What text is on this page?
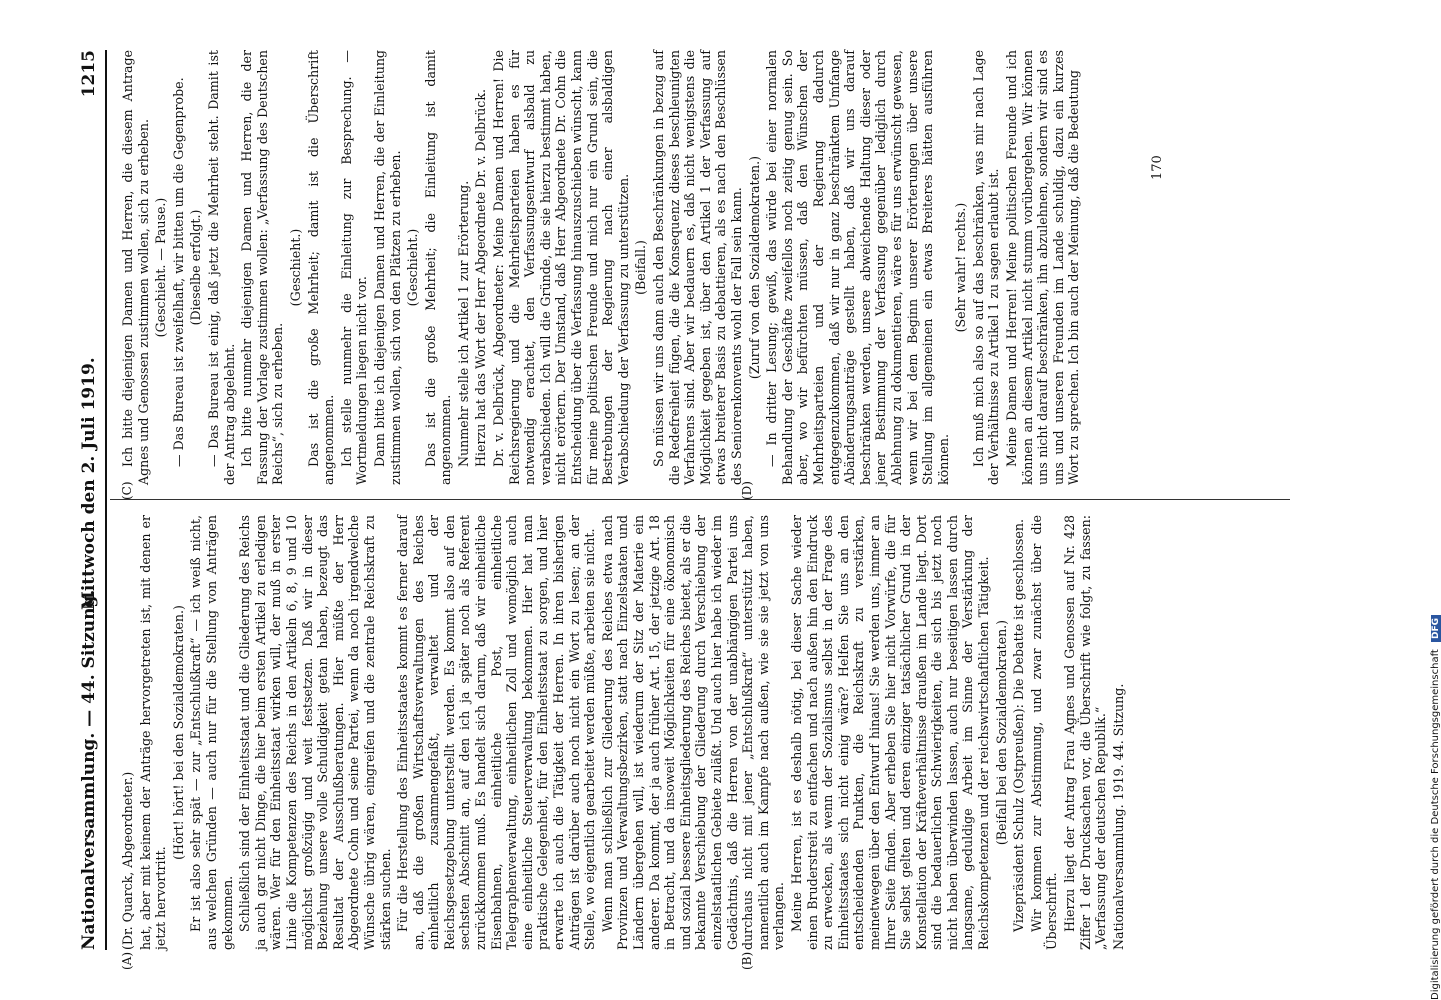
Nationalversammlung. — 44. Sitzung.
Mittwoch den 2. Juli 1919.
1215
(A)
(C)
(B)
(D)

(Dr. Quarck, Abgeordneter.) hat, aber mit keinem der Anträge hervorgetreten ist, mit denen er jetzt hervortritt.

(Hört! hört! bei den Sozialdemokraten.) Er ist also sehr spät — zur „Entschlußkraft“ — ich weiß nicht, aus welchen Gründen — auch nur für die Stellung von Anträgen gekommen. Schließlich sind der Einheitsstaat und die Gliederung des Reichs ja auch gar nicht Dinge, die hier beim ersten Artikel zu erledigen wären. Wer für den Einheitsstaat wirken will, der muß in erster Linie die Kompetenzen des Reichs in den Artikeln 6, 8, 9 und 10 möglichst großzügig und weit festsetzen. Daß wir in dieser Beziehung unsere volle Schuldigkeit getan haben, bezeugt das Resultat der Ausschußberatungen. Hier müßte der Herr Abgeordnete Cohn und seine Partei, wenn da noch irgendwelche Wünsche übrig wären, eingreifen und die zentrale Reichskraft zu stärken suchen. Für die Herstellung des Einheitsstaates kommt es ferner darauf an, daß die großen Wirtschaftsverwaltungen des Reiches einheitlich zusammengefaßt, verwaltet und der Reichsgesetzgebung unterstellt werden. Es kommt also auf den sechsten Abschnitt an, auf den ich ja später noch als Referent zurückkommen muß. Es handelt sich darum, daß wir einheitliche Eisenbahnen, einheitliche Post, einheitliche Telegraphenverwaltung, einheitlichen Zoll und womöglich auch eine einheitliche Steuerverwaltung bekommen. Hier hat man praktische Gelegenheit, für den Einheitsstaat zu sorgen, und hier erwarte ich auch die Tätigkeit der Herren. In ihren bisherigen Anträgen ist darüber auch noch nicht ein Wort zu lesen; an der Stelle, wo eigentlich gearbeitet werden müßte, arbeiten sie nicht. Wenn man schließlich zur Gliederung des Reiches etwa nach Provinzen und Verwaltungsbezirken, statt nach Einzelstaaten und Ländern übergehen will, ist wiederum der Sitz der Materie ein anderer. Da kommt, der ja auch früher Art. 15, der jetzige Art. 18 in Betracht, und da insoweit Möglichkeiten für eine ökonomisch und sozial bessere Einheitsgliederung des Reiches bietet, als er die bekannte Verschiebung der Gliederung durch Verschiebung der einzelstaatlichen Gebiete zuläßt. Und auch hier habe ich wieder im Gedächtnis, daß die Herren von der unabhängigen Partei uns durchaus nicht mit jener „Entschlußkraft“ unterstützt haben, namentlich auch im Kampfe nach außen, wie sie sie jetzt von uns verlangen. Meine Herren, ist es deshalb nötig, bei dieser Sache wieder einen Bruderstreit zu entfachen und nach außen hin den Eindruck zu erwecken, als wenn der Sozialismus selbst in der Frage des Einheitsstaates sich nicht einig wäre? Helfen Sie uns an den entscheidenden Punkten, die Reichskraft zu verstärken, meinetwegen über den Entwurf hinaus! Sie werden uns, immer an Ihrer Seite finden. Aber erheben Sie hier nicht Vorwürfe, die für Sie selbst gelten und deren einziger tatsächlicher Grund in der Konstellation der Kräfteverhältnisse draußen im Lande liegt. Dort sind die bedauerlichen Schwierigkeiten, die sich bis jetzt noch nicht haben überwinden lassen, auch nur beseitigen lassen durch langsame, geduldige Arbeit im Sinne der Verstärkung der Reichskompetenzen und der reichswirtschaftlichen Tätigkeit. (Beifall bei den Sozialdemokraten.) Vizepräsident Schulz (Ostpreußen): Die Debatte ist geschlossen. Wir kommen zur Abstimmung, und zwar zunächst über die Überschrift. Hierzu liegt der Antrag Frau Agnes und Genossen auf Nr. 428 Ziffer 1 der Drucksachen vor, die Überschrift wie folgt, zu fassen: „Verfassung der deutschen Republik.“ Nationalversammlung. 1919. 44. Sitzung.

Ich bitte diejenigen Damen und Herren, die diesem Antrage Agnes und Genossen zustimmen wollen, sich zu erheben. (Geschieht. — Pause.) — Das Bureau ist zweifelhaft, wir bitten um die Gegenprobe. (Dieselbe erfolgt.) — Das Bureau ist einig, daß jetzt die Mehrheit steht. Damit ist der Antrag abgelehnt. Ich bitte nunmehr diejenigen Damen und Herren, die der Fassung der Vorlage zustimmen wollen: „Verfassung des Deutschen Reichs“, sich zu erheben.

(Geschieht.) Das ist die große Mehrheit; damit ist die Überschrift angenommen. Ich stelle nunmehr die Einleitung zur Besprechung. — Wortmeldungen liegen nicht vor. Dann bitte ich diejenigen Damen und Herren, die der Einleitung zustimmen wollen, sich von den Plätzen zu erheben. (Geschieht.) Das ist die große Mehrheit; die Einleitung ist damit angenommen. Nunmehr stelle ich Artikel 1 zur Erörterung. Hierzu hat das Wort der Herr Abgeordnete Dr. v. Delbrück. Dr. v. Delbrück, Abgeordneter: Meine Damen und Herren! Die Reichsregierung und die Mehrheitsparteien haben es für notwendig erachtet, den Verfassungsentwurf alsbald zu verabschieden. Ich will die Gründe, die sie hierzu bestimmt haben, nicht erörtern. Der Umstand, daß Herr Abgeordnete Dr. Cohn die Entscheidung über die Verfassung hinauszuschieben wünscht, kann für meine politischen Freunde und mich nur ein Grund sein, die Bestrebungen der Regierung nach einer alsbaldigen Verabschiedung der Verfassung zu unterstützen. (Beifall.) So müssen wir uns dann auch den Beschränkungen in bezug auf die Redefreiheit fügen, die die Konsequenz dieses beschleunigten Verfahrens sind. Aber wir bedauern es, daß nicht wenigstens die Möglichkeit gegeben ist, über den Artikel 1 der Verfassung auf etwas breiterer Basis zu debattieren, als es nach den Beschlüssen des Seniorenkonvents wohl der Fall sein kann. (Zuruf von den Sozialdemokraten.) — In dritter Lesung; gewiß, das würde bei einer normalen Behandlung der Geschäfte zweifellos noch zeitig genug sein. So aber, wo wir befürchten müssen, daß den Wünschen der Mehrheitsparteien und der Regierung dadurch entgegenzukommen, daß wir nur in ganz beschränktem Umfange Abänderungsanträge gestellt haben, daß wir uns darauf beschränken werden, unsere abweichende Haltung dieser oder jener Bestimmung der Verfassung gegenüber lediglich durch Ablehnung zu dokumentieren, wäre es für uns erwünscht gewesen, wenn wir bei dem Beginn unserer Erörterungen über unsere Stellung im allgemeinen ein etwas Breiteres hätten ausführen können.

(Sehr wahr! rechts.) Ich muß mich also so auf das beschränken, was mir nach Lage der Verhältnisse zu Artikel 1 zu sagen erlaubt ist. Meine Damen und Herren! Meine politischen Freunde und ich können an diesem Artikel nicht stumm vorübergehen. Wir können uns nicht darauf beschränken, ihn abzulehnen, sondern wir sind es uns und unseren Freunden im Lande schuldig, dazu ein kurzes Wort zu sprechen. Ich bin auch der Meinung, daß die Bedeutung	170
Digitalisierung gefördert durch die Deutsche Forschungsgemeinschaft DFG
